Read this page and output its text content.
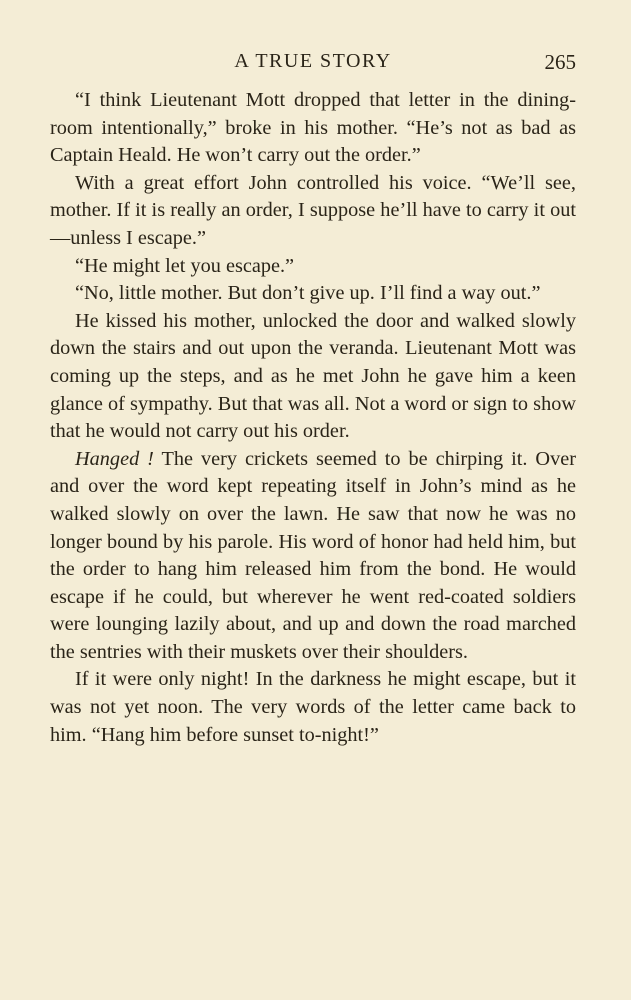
A TRUE STORY	265

“I think Lieutenant Mott dropped that letter in the dining-room intentionally,” broke in his mother. “He’s not as bad as Captain Heald. He won’t carry out the order.”

With a great effort John controlled his voice. “We’ll see, mother. If it is really an order, I suppose he’ll have to carry it out—unless I escape.”

“He might let you escape.”

“No, little mother. But don’t give up. I’ll find a way out.”

He kissed his mother, unlocked the door and walked slowly down the stairs and out upon the veranda. Lieutenant Mott was coming up the steps, and as he met John he gave him a keen glance of sympathy. But that was all. Not a word or sign to show that he would not carry out his order.

Hanged ! The very crickets seemed to be chirping it. Over and over the word kept repeating itself in John’s mind as he walked slowly on over the lawn. He saw that now he was no longer bound by his parole. His word of honor had held him, but the order to hang him released him from the bond. He would escape if he could, but wherever he went red-coated soldiers were lounging lazily about, and up and down the road marched the sentries with their muskets over their shoulders.

If it were only night! In the darkness he might escape, but it was not yet noon. The very words of the letter came back to him. “Hang him before sunset to-night!”
